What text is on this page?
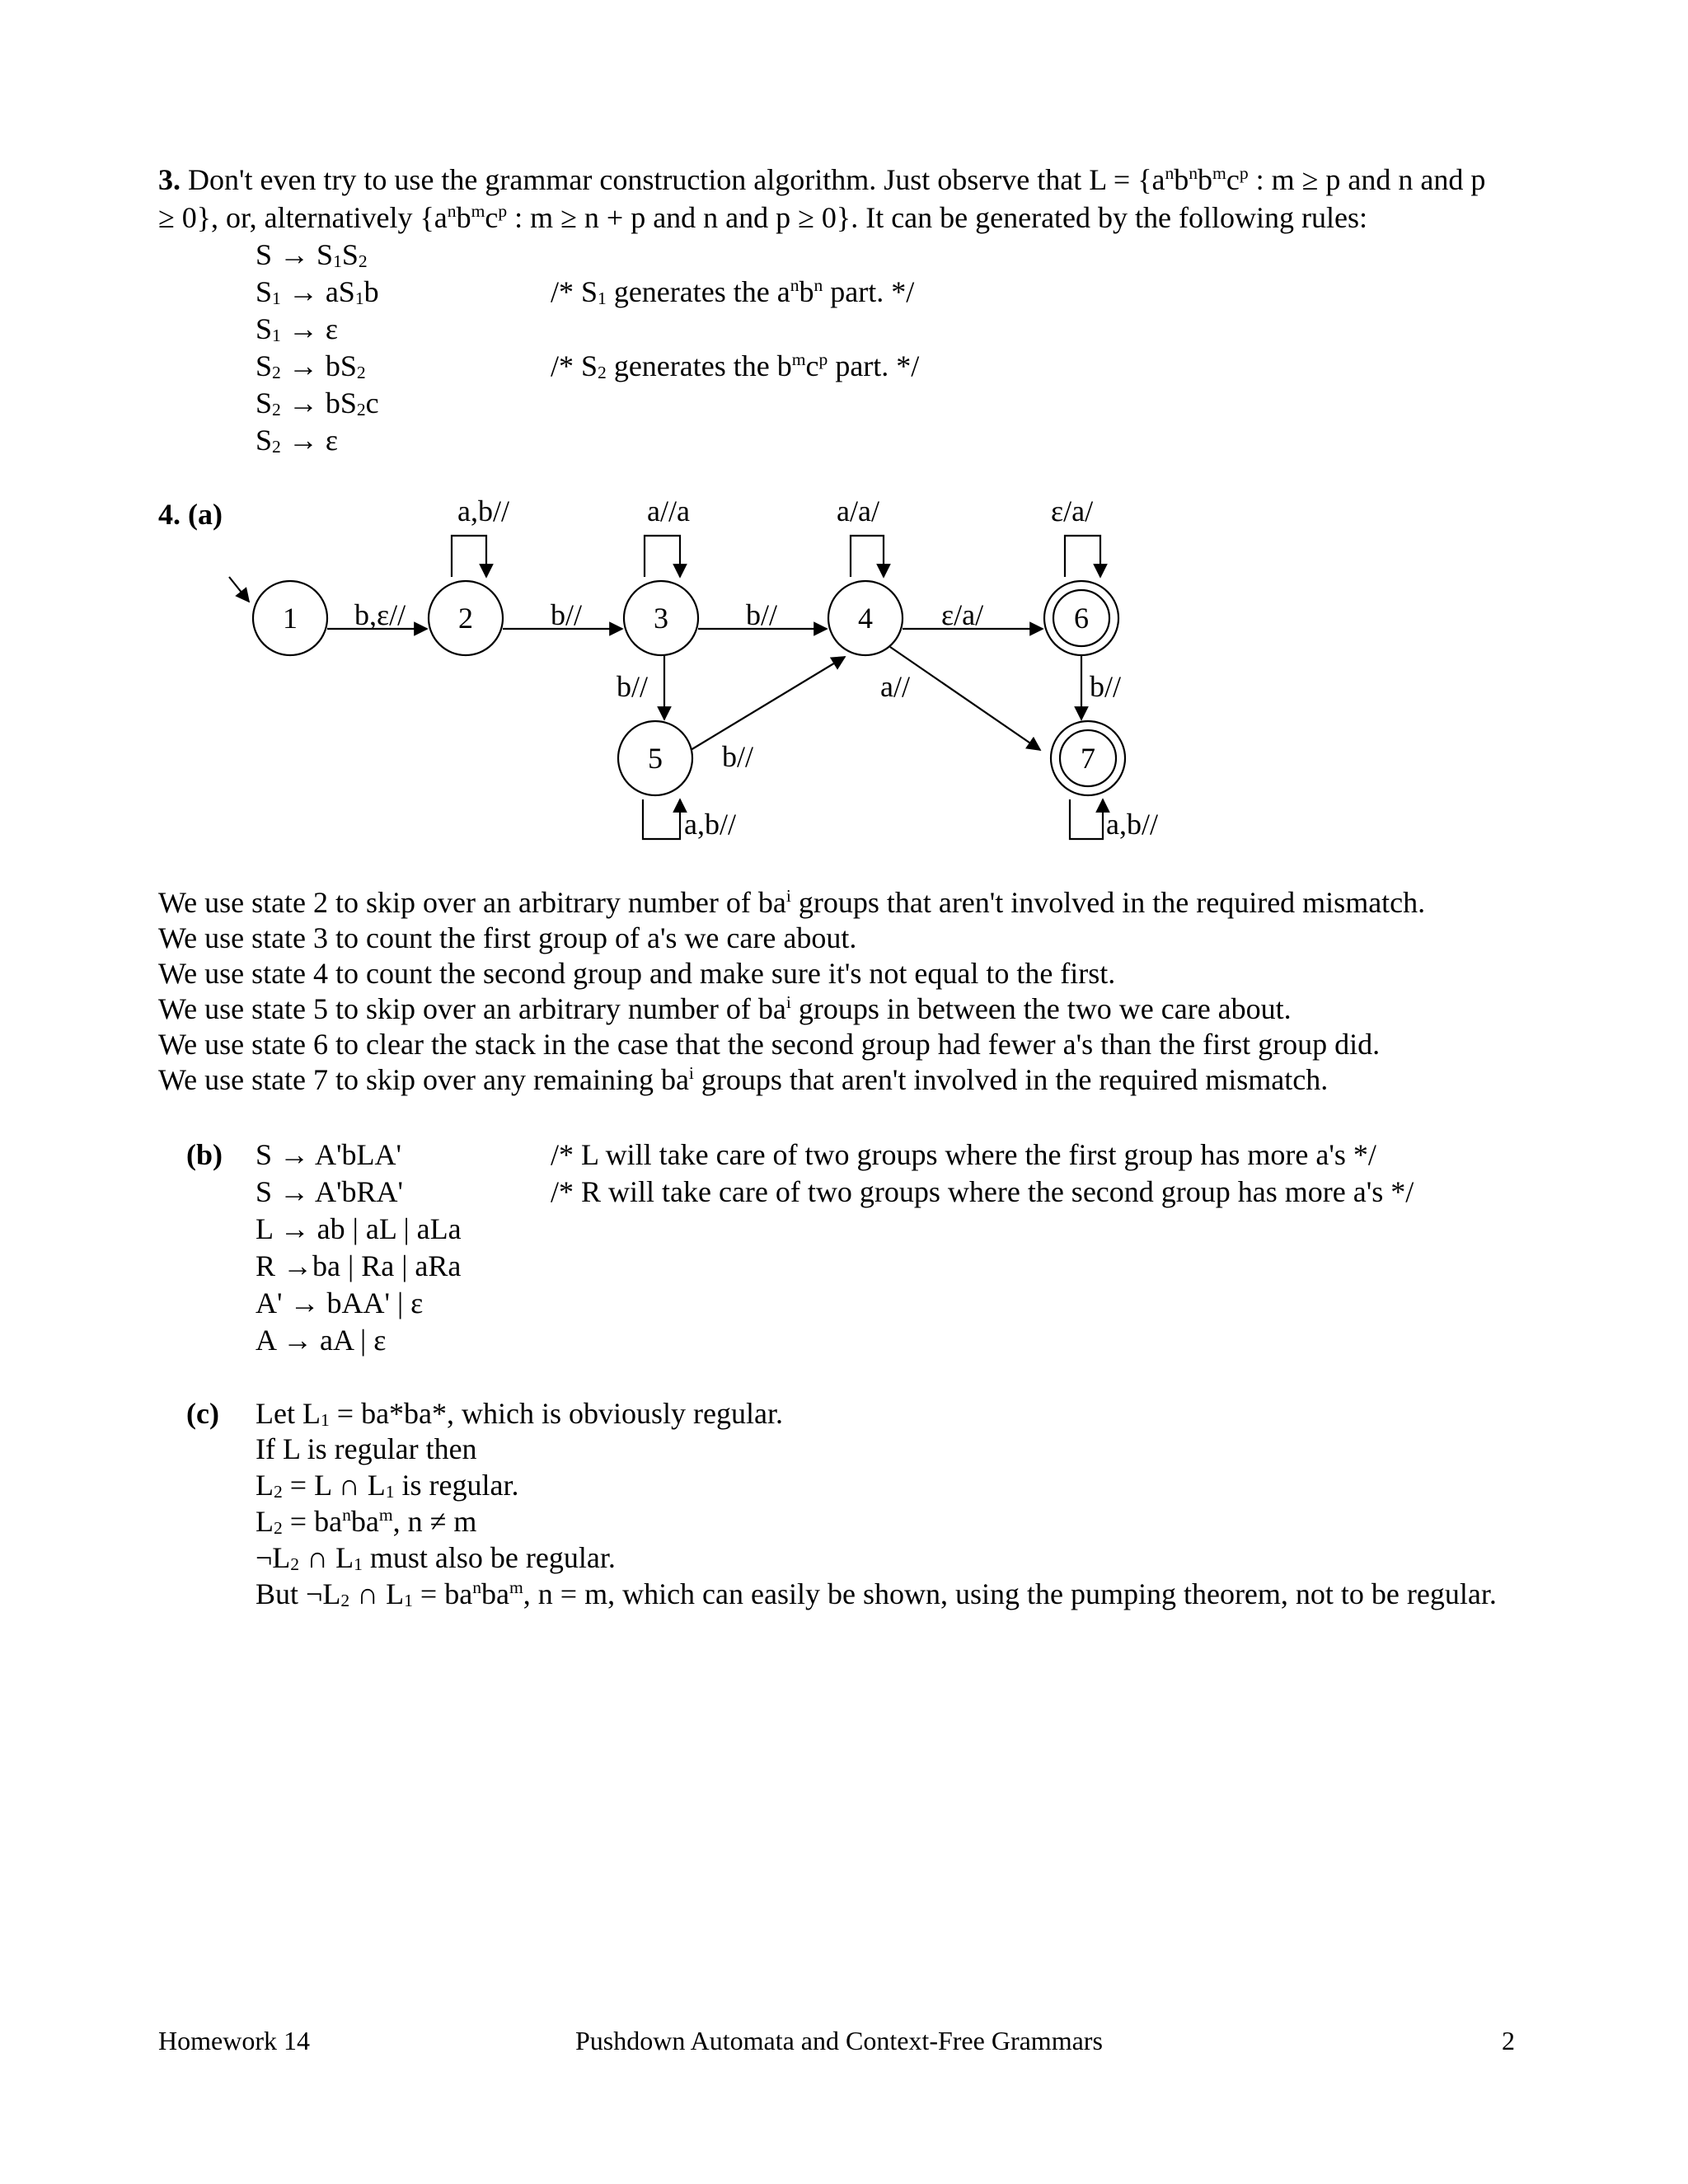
3. Don't even try to use the grammar construction algorithm. Just observe that $L = \{a^nb^nb^mc^p$ : m ≥ p and n and p
≥ 0}, or, alternatively {$a^nb^mc^p$ : m ≥ n + p and n and p ≥ 0}. It can be generated by the following rules:
$S \to S_1S_2$
$S_1 \to aS_1b$
$S_1 \to \varepsilon$
$S_2 \to bS_2$
$S_2 \to bS_2c$
$S_2 \to \varepsilon$
/* $S_1$ generates the $a^nb^n$ part. */
/* $S_2$ generates the $b^mc^p$ part. */
4. (a)
1	2	3	4
5
6
7
b,ε//	b//	b//	ε/a/
b//
b//
a//	b//
a,b//	a//a	a/a/	ε/a/
a,b//	a,b//
We use state 2 to skip over an arbitrary number of $ba^i$ groups that aren't involved in the required mismatch.
We use state 3 to count the first group of a's we care about.
We use state 4 to count the second group and make sure it's not equal to the first.
We use state 5 to skip over an arbitrary number of $ba^i$ groups in between the two we care about.
We use state 6 to clear the stack in the case that the second group had fewer a's than the first group did.
We use state 7 to skip over any remaining $ba^i$ groups that aren't involved in the required mismatch.
(b) S → A'bLA'
S → A'bRA'
L → ab | aL | aLa
R →ba | Ra | aRa
A' → bAA' | ε
A → aA | ε
/* L will take care of two groups where the first group has more a's */
/* R will take care of two groups where the second group has more a's */
(c) Let $L_1 = ba*ba*$, which is obviously regular.
If L is regular then
$L_2 = L$ ∩ $L_1$ is regular.
$L_2 = ba^nba^m$, n ≠ m
$\neg L_2$ ∩ $L_1$ must also be regular.
But $\neg L_2$ ∩ $L_1 = ba^nba^m$, n = m, which can easily be shown, using the pumping theorem, not to be regular.
Homework 14	Pushdown Automata and Context-Free Grammars	2
